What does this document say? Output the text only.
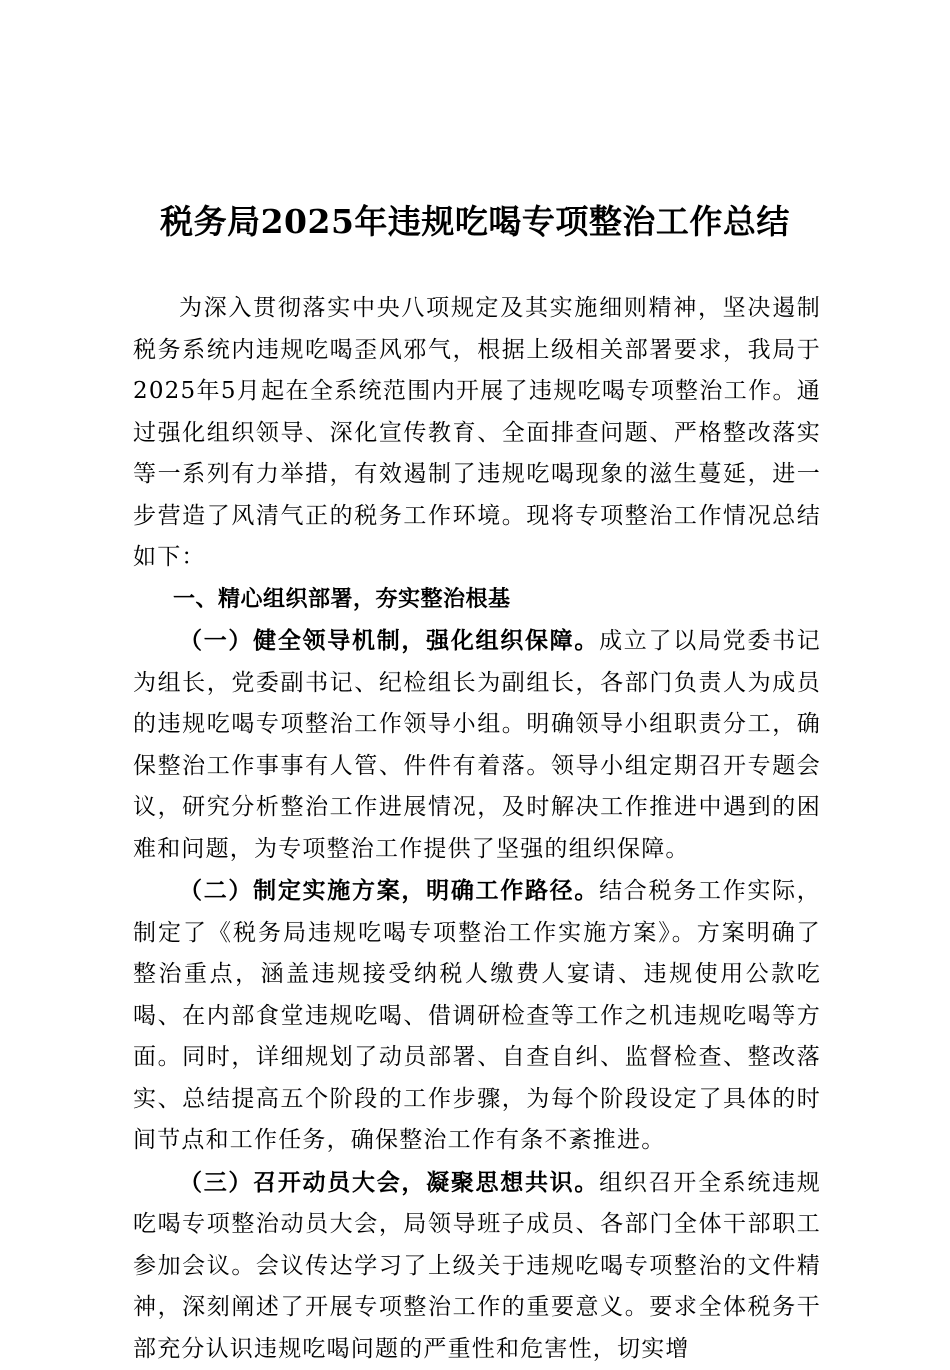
税务局2025年违规吃喝专项整治工作总结

为深入贯彻落实中央八项规定及其实施细则精神，坚决遏制税务系统内违规吃喝歪风邪气，根据上级相关部署要求，我局于2025年5月起在全系统范围内开展了违规吃喝专项整治工作。通过强化组织领导、深化宣传教育、全面排查问题、严格整改落实等一系列有力举措，有效遏制了违规吃喝现象的滋生蔓延，进一步营造了风清气正的税务工作环境。现将专项整治工作情况总结如下：

一、精心组织部署，夯实整治根基

（一）健全领导机制，强化组织保障。成立了以局党委书记为组长，党委副书记、纪检组长为副组长，各部门负责人为成员的违规吃喝专项整治工作领导小组。明确领导小组职责分工，确保整治工作事事有人管、件件有着落。领导小组定期召开专题会议，研究分析整治工作进展情况，及时解决工作推进中遇到的困难和问题，为专项整治工作提供了坚强的组织保障。

（二）制定实施方案，明确工作路径。结合税务工作实际，制定了《税务局违规吃喝专项整治工作实施方案》。方案明确了整治重点，涵盖违规接受纳税人缴费人宴请、违规使用公款吃喝、在内部食堂违规吃喝、借调研检查等工作之机违规吃喝等方面。同时，详细规划了动员部署、自查自纠、监督检查、整改落实、总结提高五个阶段的工作步骤，为每个阶段设定了具体的时间节点和工作任务，确保整治工作有条不紊推进。

（三）召开动员大会，凝聚思想共识。组织召开全系统违规吃喝专项整治动员大会，局领导班子成员、各部门全体干部职工参加会议。会议传达学习了上级关于违规吃喝专项整治的文件精神，深刻阐述了开展专项整治工作的重要意义。要求全体税务干部充分认识违规吃喝问题的严重性和危害性，切实增
